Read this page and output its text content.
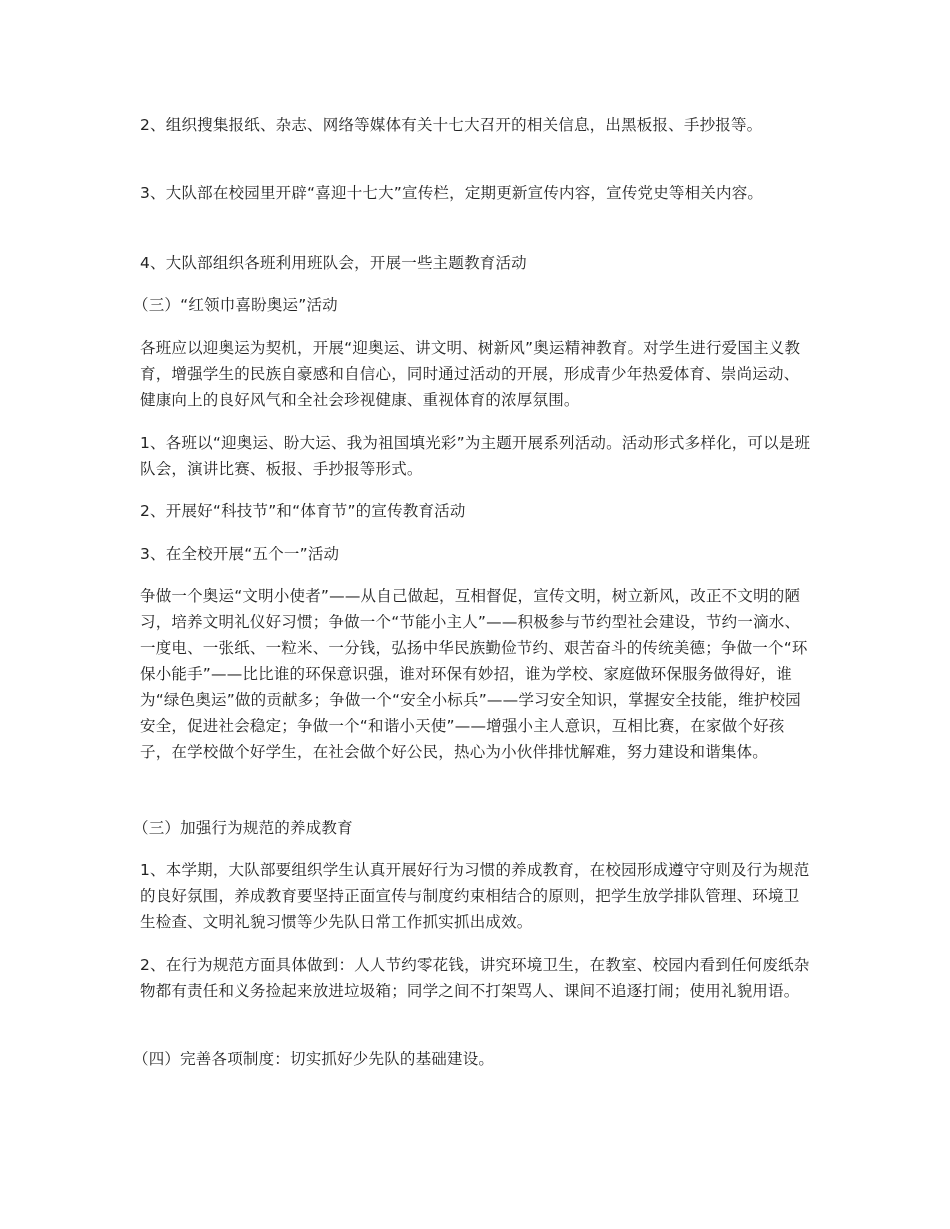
2、组织搜集报纸、杂志、网络等媒体有关十七大召开的相关信息，出黑板报、手抄报等。

3、大队部在校园里开辟“喜迎十七大”宣传栏，定期更新宣传内容，宣传党史等相关内容。

4、大队部组织各班利用班队会，开展一些主题教育活动

（三）“红领巾喜盼奥运”活动

各班应以迎奥运为契机，开展“迎奥运、讲文明、树新风”奥运精神教育。对学生进行爱国主义教育，增强学生的民族自豪感和自信心，同时通过活动的开展，形成青少年热爱体育、崇尚运动、健康向上的良好风气和全社会珍视健康、重视体育的浓厚氛围。

1、各班以“迎奥运、盼大运、我为祖国填光彩”为主题开展系列活动。活动形式多样化，可以是班队会，演讲比赛、板报、手抄报等形式。

2、开展好“科技节”和“体育节”的宣传教育活动

3、在全校开展“五个一”活动

争做一个奥运“文明小使者”——从自己做起，互相督促，宣传文明，树立新风，改正不文明的陋习，培养文明礼仪好习惯；争做一个“节能小主人”——积极参与节约型社会建设，节约一滴水、一度电、一张纸、一粒米、一分钱，弘扬中华民族勤俭节约、艰苦奋斗的传统美德；争做一个“环保小能手”——比比谁的环保意识强，谁对环保有妙招，谁为学校、家庭做环保服务做得好，谁为“绿色奥运”做的贡献多；争做一个“安全小标兵”——学习安全知识，掌握安全技能，维护校园安全，促进社会稳定；争做一个“和谐小天使”——增强小主人意识，互相比赛，在家做个好孩子，在学校做个好学生，在社会做个好公民，热心为小伙伴排忧解难，努力建设和谐集体。

（三）加强行为规范的养成教育

1、本学期，大队部要组织学生认真开展好行为习惯的养成教育，在校园形成遵守守则及行为规范的良好氛围，养成教育要坚持正面宣传与制度约束相结合的原则，把学生放学排队管理、环境卫生检查、文明礼貌习惯等少先队日常工作抓实抓出成效。

2、在行为规范方面具体做到：人人节约零花钱，讲究环境卫生，在教室、校园内看到任何废纸杂物都有责任和义务捡起来放进垃圾箱；同学之间不打架骂人、课间不追逐打闹；使用礼貌用语。

（四）完善各项制度：切实抓好少先队的基础建设。
